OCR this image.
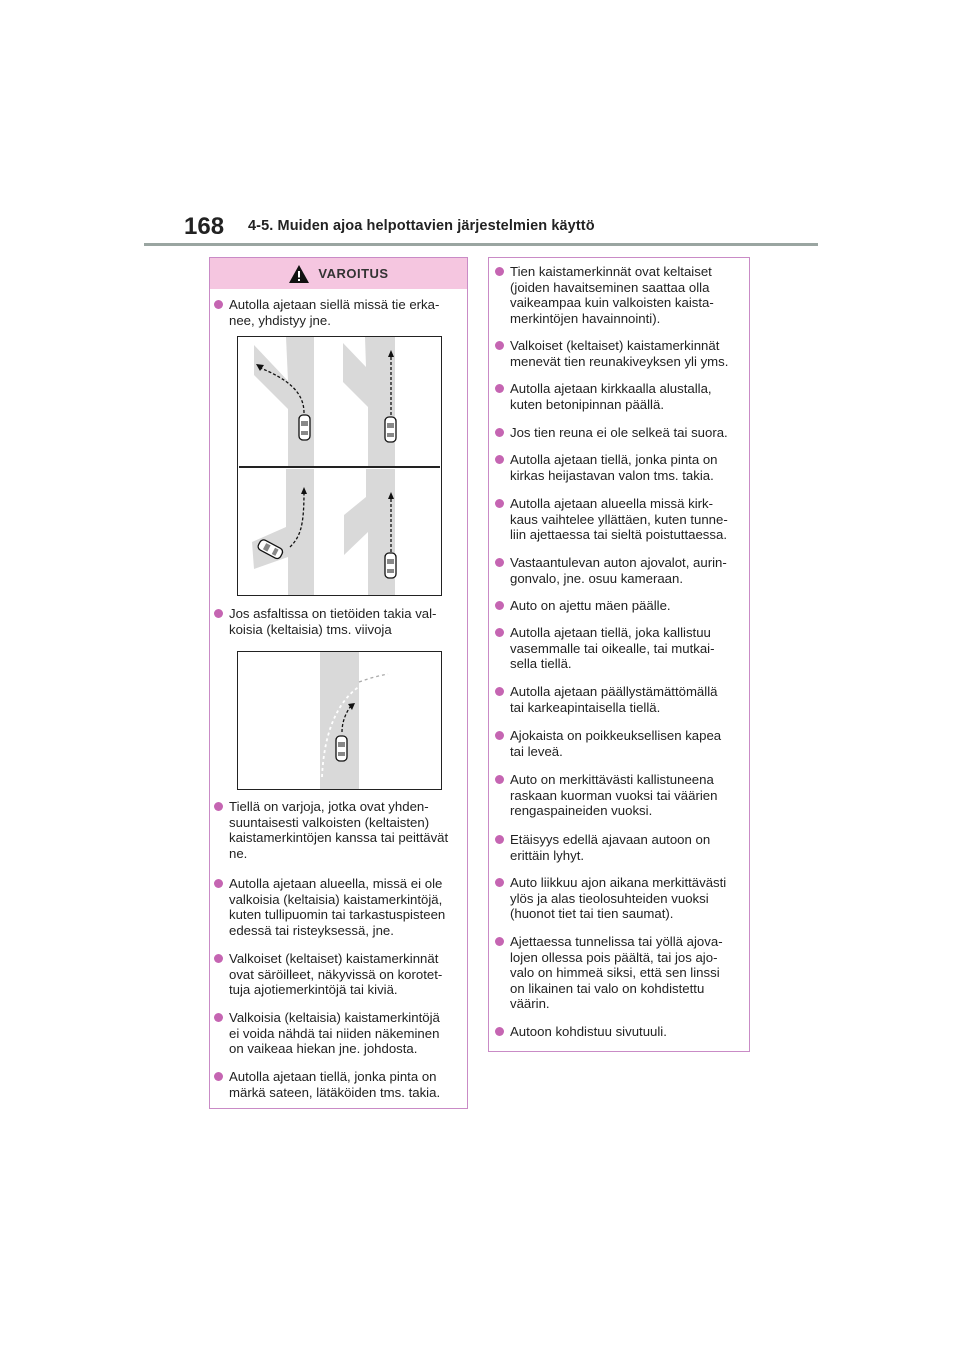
168 4-5. Muiden ajoa helpottavien järjestelmien käyttö
VAROITUS
Autolla ajetaan siellä missä tie erka-
nee, yhdistyy jne.
Jos asfaltissa on tietöiden takia val-
koisia (keltaisia) tms. viivoja
Tiellä on varjoja, jotka ovat yhden-
suuntaisesti valkoisten (keltaisten)
kaistamerkintöjen kanssa tai peittävät
ne.
Autolla ajetaan alueella, missä ei ole
valkoisia (keltaisia) kaistamerkintöjä,
kuten tullipuomin tai tarkastuspisteen
edessä tai risteyksessä, jne.
Valkoiset (keltaiset) kaistamerkinnät
ovat säröilleet, näkyvissä on korotet-
tuja ajotiemerkintöjä tai kiviä.
Valkoisia (keltaisia) kaistamerkintöjä
ei voida nähdä tai niiden näkeminen
on vaikeaa hiekan jne. johdosta.
Autolla ajetaan tiellä, jonka pinta on
märkä sateen, lätäköiden tms. takia.
Tien kaistamerkinnät ovat keltaiset
(joiden havaitseminen saattaa olla
vaikeampaa kuin valkoisten kaista-
merkintöjen havainnointi).
Valkoiset (keltaiset) kaistamerkinnät
menevät tien reunakiveyksen yli yms.
Autolla ajetaan kirkkaalla alustalla,
kuten betonipinnan päällä.
Jos tien reuna ei ole selkeä tai suora.
Autolla ajetaan tiellä, jonka pinta on
kirkas heijastavan valon tms. takia.
Autolla ajetaan alueella missä kirk-
kaus vaihtelee yllättäen, kuten tunne-
liin ajettaessa tai sieltä poistuttaessa.
Vastaantulevan auton ajovalot, aurin-
gonvalo, jne. osuu kameraan.
Auto on ajettu mäen päälle.
Autolla ajetaan tiellä, joka kallistuu
vasemmalle tai oikealle, tai mutkai-
sella tiellä.
Autolla ajetaan päällystämättömällä
tai karkeapintaisella tiellä.
Ajokaista on poikkeuksellisen kapea
tai leveä.
Auto on merkittävästi kallistuneena
raskaan kuorman vuoksi tai väärien
rengaspaineiden vuoksi.
Etäisyys edellä ajavaan autoon on
erittäin lyhyt.
Auto liikkuu ajon aikana merkittävästi
ylös ja alas tieolosuhteiden vuoksi
(huonot tiet tai tien saumat).
Ajettaessa tunnelissa tai yöllä ajova-
lojen ollessa pois päältä, tai jos ajo-
valo on himmeä siksi, että sen linssi
on likainen tai valo on kohdistettu
väärin.
Autoon kohdistuu sivutuuli.
